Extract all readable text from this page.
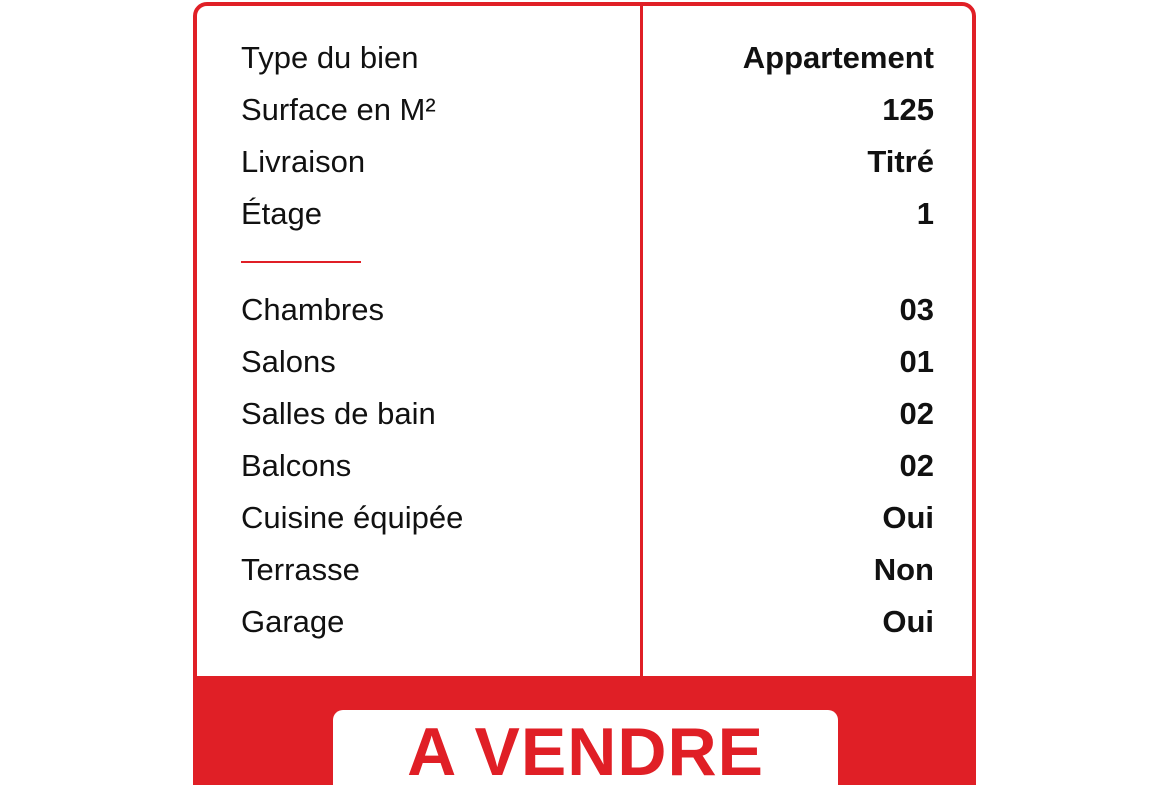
Type du bien
Surface en M²
Livraison
Étage
Chambres
Salons
Salles de bain
Balcons
Cuisine équipée
Terrasse
Garage
Appartement
125
Titré
1
03
01
02
02
Oui
Non
Oui
A VENDRE
